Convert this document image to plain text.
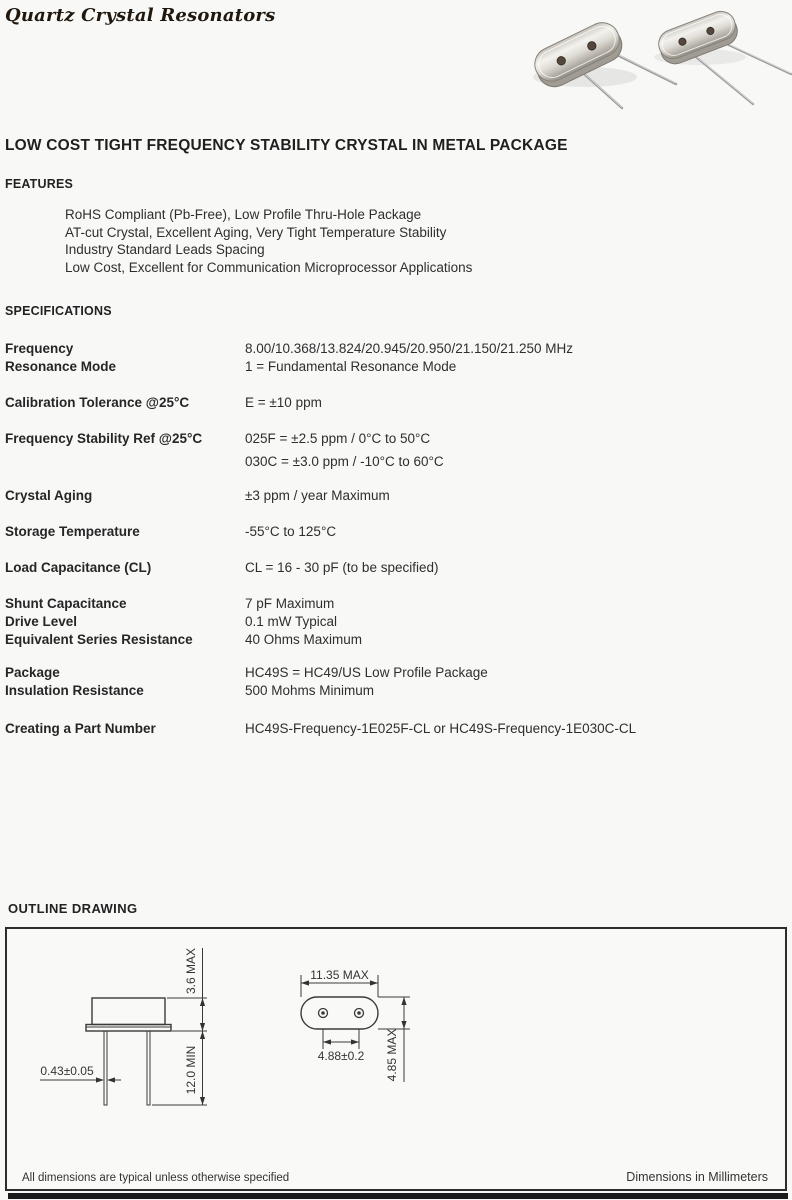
Quartz Crystal Resonators
LOW COST TIGHT FREQUENCY STABILITY CRYSTAL IN METAL PACKAGE
FEATURES
RoHS Compliant (Pb-Free), Low Profile Thru-Hole Package
AT-cut Crystal, Excellent Aging, Very Tight Temperature Stability
Industry Standard Leads Spacing
Low Cost, Excellent for Communication Microprocessor Applications
SPECIFICATIONS
Frequency	8.00/10.368/13.824/20.945/20.950/21.150/21.250 MHz
Resonance Mode	1 = Fundamental Resonance Mode
Calibration Tolerance @25°C	E = ±10 ppm
Frequency Stability Ref @25°C	025F = ±2.5 ppm / 0°C to 50°C
030C = ±3.0 ppm / -10°C to 60°C
Crystal Aging	±3 ppm / year Maximum
Storage Temperature	-55°C to 125°C
Load Capacitance (CL)	CL = 16 - 30 pF (to be specified)
Shunt Capacitance	7 pF Maximum
Drive Level	0.1 mW Typical
Equivalent Series Resistance	40 Ohms Maximum
Package	HC49S = HC49/US Low Profile Package
Insulation Resistance	500 Mohms Minimum
Creating a Part Number	HC49S-Frequency-1E025F-CL or HC49S-Frequency-1E030C-CL
OUTLINE DRAWING
3.6 MAX
12.0 MIN
0.43±0.05
11.35 MAX
4.88±0.2 4.85 MAX
All dimensions are typical unless otherwise specified	Dimensions in Millimeters
